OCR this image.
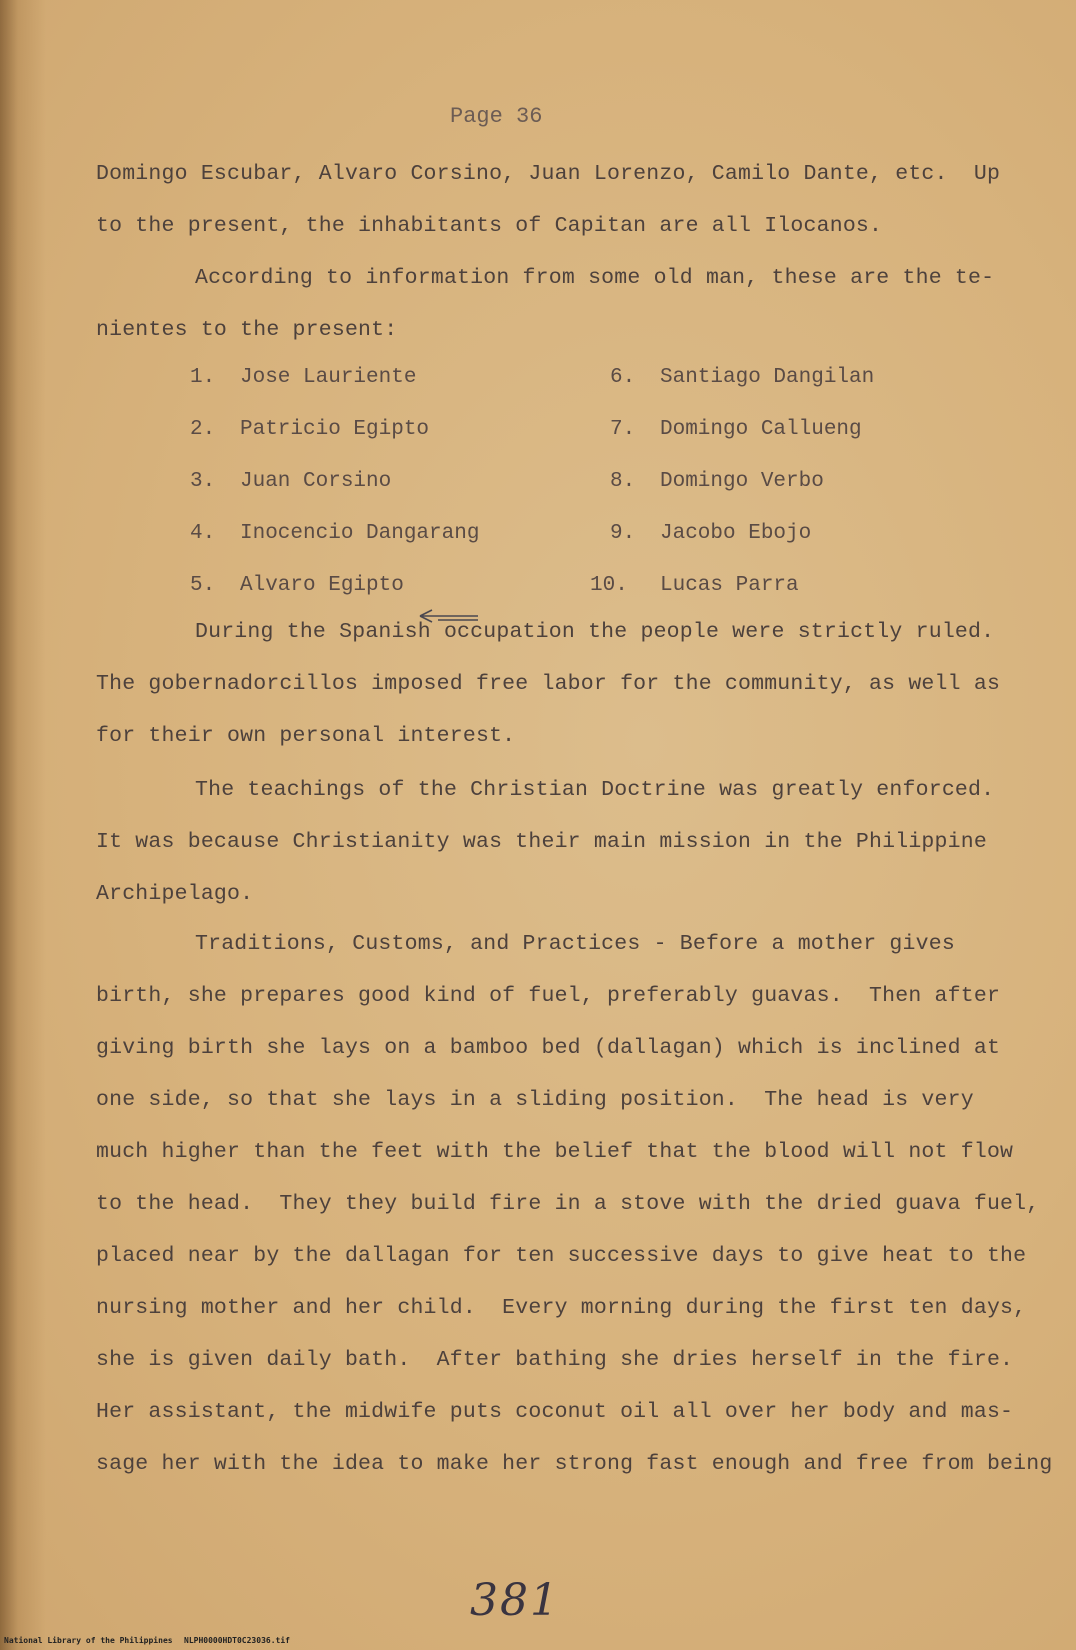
Page 36
Domingo Escubar, Alvaro Corsino, Juan Lorenzo, Camilo Dante, etc.  Up
to the present, the inhabitants of Capitan are all Ilocanos.
According to information from some old man, these are the te-
nientes to the present:
1. Jose Lauriente
2. Patricio Egipto
3. Juan Corsino
4. Inocencio Dangarang
5. Alvaro Egipto
6. Santiago Dangilan
7. Domingo Callueng
8. Domingo Verbo
9. Jacobo Ebojo
10. Lucas Parra
During the Spanish occupation the people were strictly ruled.
The gobernadorcillos imposed free labor for the community, as well as
for their own personal interest.
The teachings of the Christian Doctrine was greatly enforced.
It was because Christianity was their main mission in the Philippine
Archipelago.
Traditions, Customs, and Practices - Before a mother gives
birth, she prepares good kind of fuel, preferably guavas.  Then after
giving birth she lays on a bamboo bed (dallagan) which is inclined at
one side, so that she lays in a sliding position.  The head is very
much higher than the feet with the belief that the blood will not flow
to the head.  They they build fire in a stove with the dried guava fuel,
placed near by the dallagan for ten successive days to give heat to the
nursing mother and her child.  Every morning during the first ten days,
she is given daily bath.  After bathing she dries herself in the fire.
Her assistant, the midwife puts coconut oil all over her body and mas-
sage her with the idea to make her strong fast enough and free from being
381
National Library of the Philippines NLPH0000HDT0C23036.tif
